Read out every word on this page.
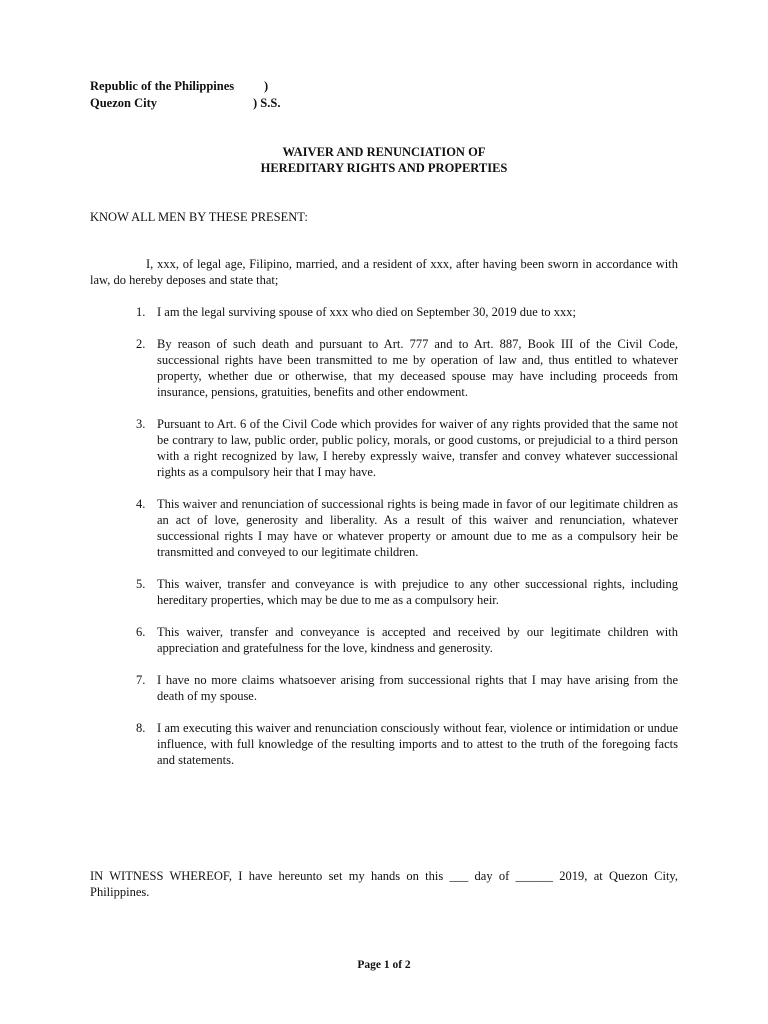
Republic of the Philippines )
Quezon City	) S.S.
WAIVER AND RENUNCIATION OF
HEREDITARY RIGHTS AND PROPERTIES
KNOW ALL MEN BY THESE PRESENT:
I, xxx, of legal age, Filipino, married, and a resident of xxx, after having been sworn in accordance with law, do hereby deposes and state that;
1. I am the legal surviving spouse of xxx who died on September 30, 2019 due to xxx;
2. By reason of such death and pursuant to Art. 777 and to Art. 887, Book III of the Civil Code, successional rights have been transmitted to me by operation of law and, thus entitled to whatever property, whether due or otherwise, that my deceased spouse may have including proceeds from insurance, pensions, gratuities, benefits and other endowment.
3. Pursuant to Art. 6 of the Civil Code which provides for waiver of any rights provided that the same not be contrary to law, public order, public policy, morals, or good customs, or prejudicial to a third person with a right recognized by law, I hereby expressly waive, transfer and convey whatever successional rights as a compulsory heir that I may have.
4. This waiver and renunciation of successional rights is being made in favor of our legitimate children as an act of love, generosity and liberality. As a result of this waiver and renunciation, whatever successional rights I may have or whatever property or amount due to me as a compulsory heir be transmitted and conveyed to our legitimate children.
5. This waiver, transfer and conveyance is with prejudice to any other successional rights, including hereditary properties, which may be due to me as a compulsory heir.
6. This waiver, transfer and conveyance is accepted and received by our legitimate children with appreciation and gratefulness for the love, kindness and generosity.
7. I have no more claims whatsoever arising from successional rights that I may have arising from the death of my spouse.
8. I am executing this waiver and renunciation consciously without fear, violence or intimidation or undue influence, with full knowledge of the resulting imports and to attest to the truth of the foregoing facts and statements.
IN WITNESS WHEREOF, I have hereunto set my hands on this ___ day of ______ 2019, at Quezon City, Philippines.
Page 1 of 2
